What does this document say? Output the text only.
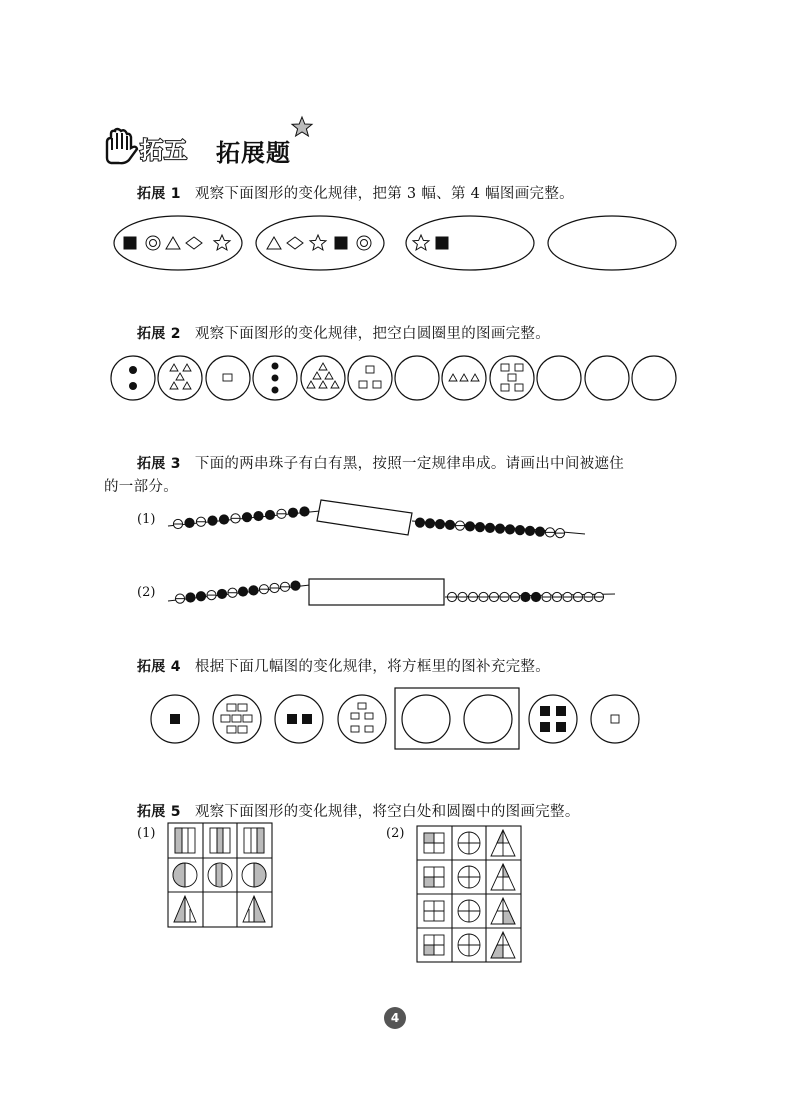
拓五 拓展题
拓展 1 观察下面图形的变化规律，把第 3 幅、第 4 幅图画完整。
拓展 2 观察下面图形的变化规律，把空白圆圈里的图画完整。
拓展 3 下面的两串珠子有白有黑，按照一定规律串成。请画出中间被遮住
的一部分。
(1)
(2)
拓展 4 根据下面几幅图的变化规律，将方框里的图补充完整。
拓展 5 观察下面图形的变化规律，将空白处和圆圈中的图画完整。
(1)	(2)
4
